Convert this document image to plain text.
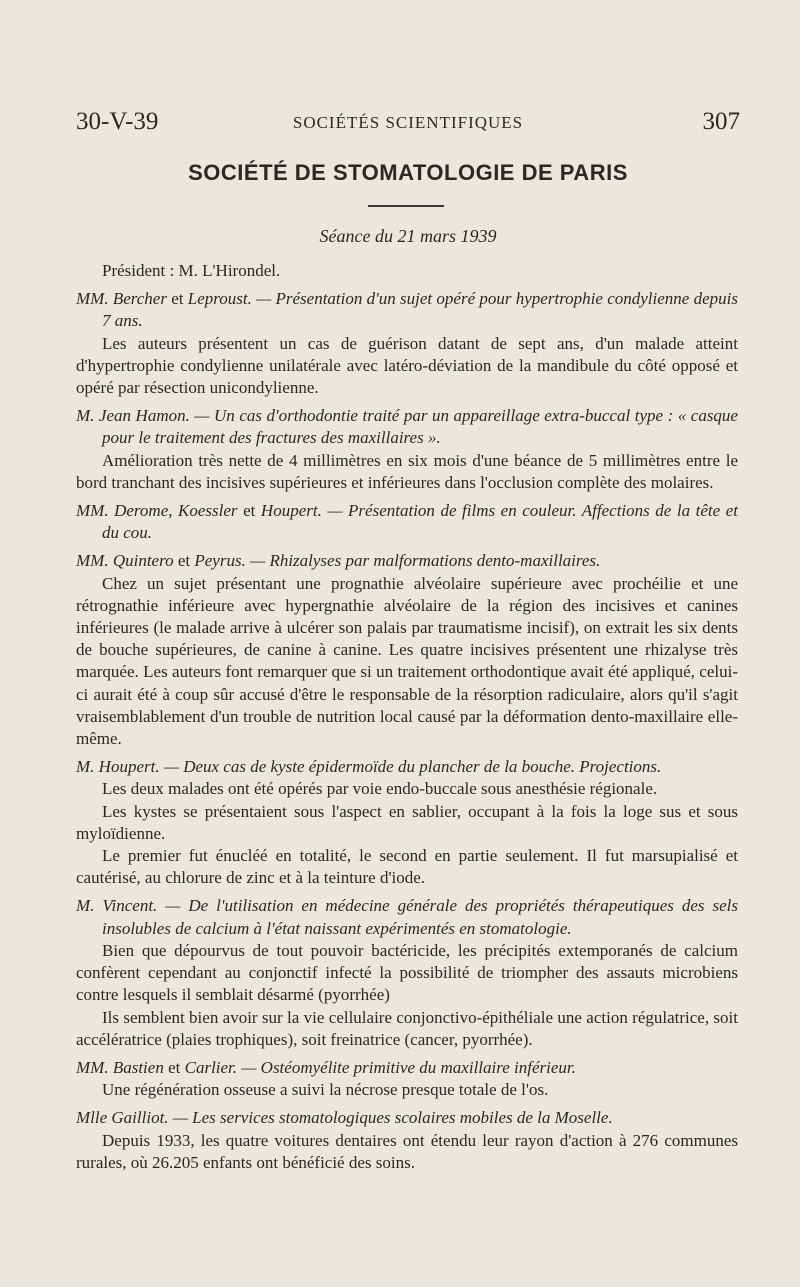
30-V-39	SOCIÉTÉS SCIENTIFIQUES	307
SOCIÉTÉ DE STOMATOLOGIE DE PARIS
Séance du 21 mars 1939

Président : M. L'Hirondel.

MM. Bercher et Leproust. — Présentation d'un sujet opéré pour hypertrophie condylienne depuis 7 ans.

Les auteurs présentent un cas de guérison datant de sept ans, d'un malade atteint d'hypertrophie condylienne unilatérale avec latéro-déviation de la mandibule du côté opposé et opéré par résection unicondylienne.

M. Jean Hamon. — Un cas d'orthodontie traité par un appareillage extra-buccal type : « casque pour le traitement des fractures des maxillaires ».

Amélioration très nette de 4 millimètres en six mois d'une béance de 5 millimètres entre le bord tranchant des incisives supérieures et inférieures dans l'occlusion complète des molaires.

MM. Derome, Koessler et Houpert. — Présentation de films en couleur. Affections de la tête et du cou.

MM. Quintero et Peyrus. — Rhizalyses par malformations dento-maxillaires.

Chez un sujet présentant une prognathie alvéolaire supérieure avec prochéilie et une rétrognathie inférieure avec hypergnathie alvéolaire de la région des incisives et canines inférieures (le malade arrive à ulcérer son palais par traumatisme incisif), on extrait les six dents de bouche supérieures, de canine à canine. Les quatre incisives présentent une rhizalyse très marquée. Les auteurs font remarquer que si un traitement orthodontique avait été appliqué, celui-ci aurait été à coup sûr accusé d'être le responsable de la résorption radiculaire, alors qu'il s'agit vraisemblablement d'un trouble de nutrition local causé par la déformation dento-maxillaire elle-même.

M. Houpert. — Deux cas de kyste épidermoïde du plancher de la bouche. Projections.

Les deux malades ont été opérés par voie endo-buccale sous anesthésie régionale.

Les kystes se présentaient sous l'aspect en sablier, occupant à la fois la loge sus et sous myloïdienne.

Le premier fut énucléé en totalité, le second en partie seulement. Il fut marsupialisé et cautérisé, au chlorure de zinc et à la teinture d'iode.

M. Vincent. — De l'utilisation en médecine générale des propriétés thérapeutiques des sels insolubles de calcium à l'état naissant expérimentés en stomatologie.

Bien que dépourvus de tout pouvoir bactéricide, les précipités extemporanés de calcium confèrent cependant au conjonctif infecté la possibilité de triompher des assauts microbiens contre lesquels il semblait désarmé (pyorrhée)

Ils semblent bien avoir sur la vie cellulaire conjonctivo-épithéliale une action régulatrice, soit accélératrice (plaies trophiques), soit freinatrice (cancer, pyorrhée).

MM. Bastien et Carlier. — Ostéomyélite primitive du maxillaire inférieur.

Une régénération osseuse a suivi la nécrose presque totale de l'os.

Mlle Gailliot. — Les services stomatologiques scolaires mobiles de la Moselle.

Depuis 1933, les quatre voitures dentaires ont étendu leur rayon d'action à 276 communes rurales, où 26.205 enfants ont bénéficié des soins.
